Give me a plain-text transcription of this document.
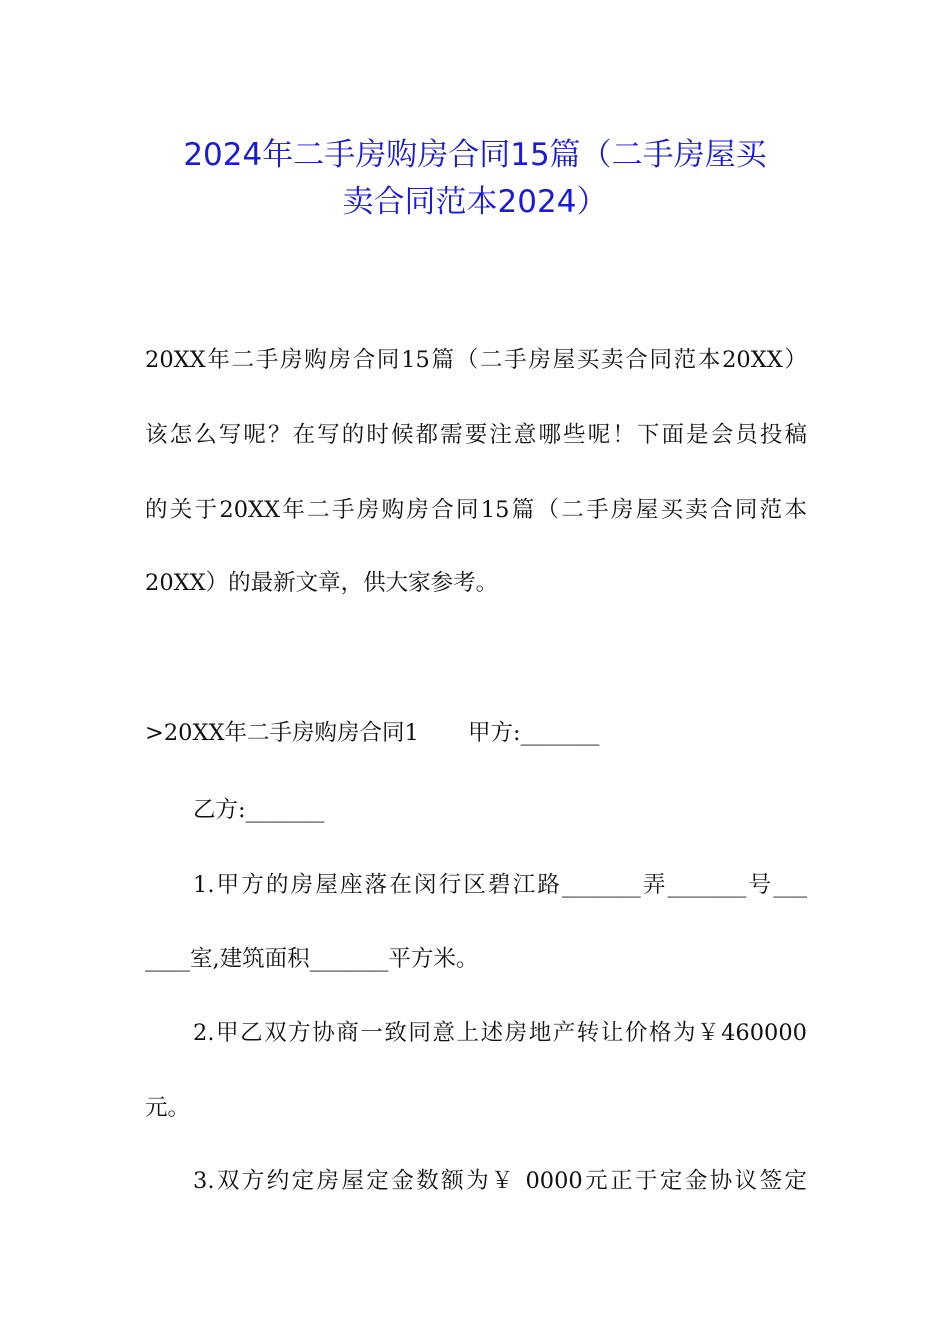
2024年二手房购房合同15篇（二手房屋买
卖合同范本2024）
20XX年二手房购房合同15篇（二手房屋买卖合同范本20XX）
该怎么写呢？在写的时候都需要注意哪些呢！下面是会员投稿
的关于20XX年二手房购房合同15篇（二手房屋买卖合同范本
20XX）的最新文章，供大家参考。
>20XX年二手房购房合同1 甲方:_______
乙方:_______
1.甲方的房屋座落在闵行区碧江路_______弄_______号___
____室,建筑面积_______平方米。
2.甲乙双方协商一致同意上述房地产转让价格为￥460000
元。
3.双方约定房屋定金数额为￥ 0000元正于定金协议签定
